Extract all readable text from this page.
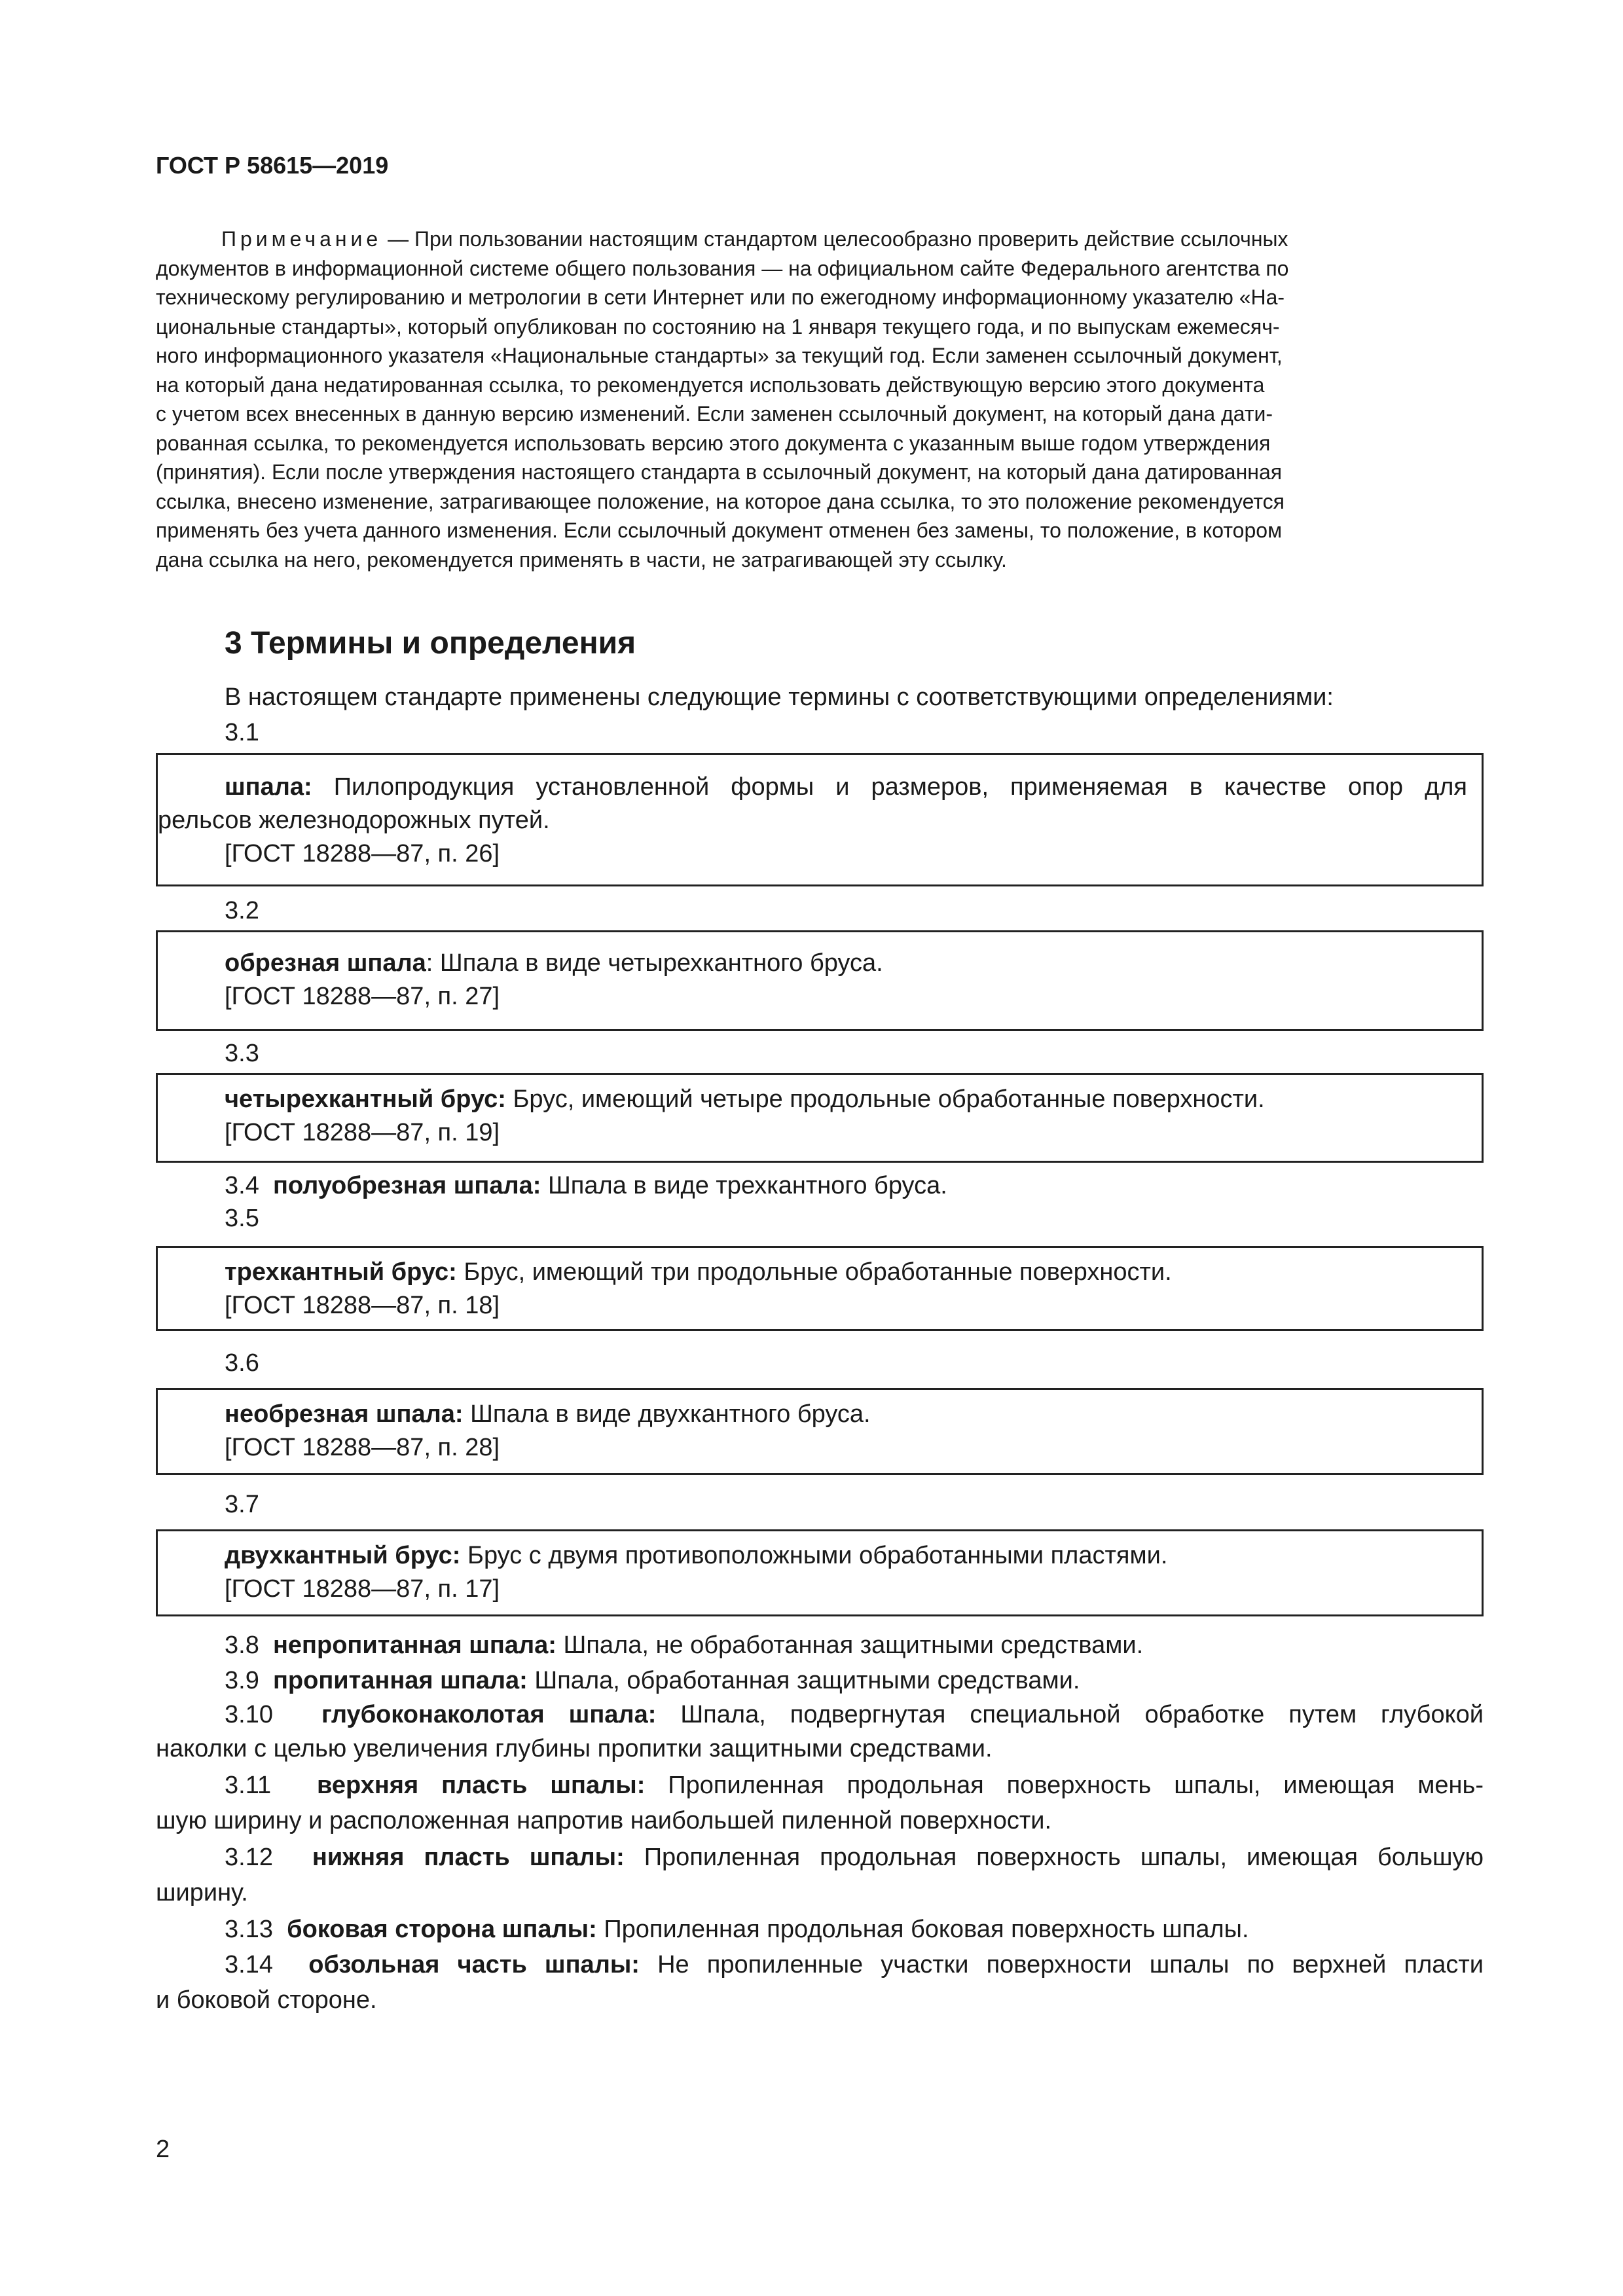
ГОСТ Р 58615—2019
Примечание — При пользовании настоящим стандартом целесообразно проверить действие ссылочных
документов в информационной системе общего пользования — на официальном сайте Федерального агентства по
техническому регулированию и метрологии в сети Интернет или по ежегодному информационному указателю «На-
циональные стандарты», который опубликован по состоянию на 1 января текущего года, и по выпускам ежемесяч-
ного информационного указателя «Национальные стандарты» за текущий год. Если заменен ссылочный документ,
на который дана недатированная ссылка, то рекомендуется использовать действующую версию этого документа
с учетом всех внесенных в данную версию изменений. Если заменен ссылочный документ, на который дана дати-
рованная ссылка, то рекомендуется использовать версию этого документа с указанным выше годом утверждения
(принятия). Если после утверждения настоящего стандарта в ссылочный документ, на который дана датированная
ссылка, внесено изменение, затрагивающее положение, на которое дана ссылка, то это положение рекомендуется
применять без учета данного изменения. Если ссылочный документ отменен без замены, то положение, в котором
дана ссылка на него, рекомендуется применять в части, не затрагивающей эту ссылку.
3 Термины и определения
В настоящем стандарте применены следующие термины с соответствующими определениями:
3.1
шпала: Пилопродукция установленной формы и размеров, применяемая в качестве опор для
рельсов железнодорожных путей.
[ГОСТ 18288—87, п. 26]
3.2
обрезная шпала: Шпала в виде четырехкантного бруса.
[ГОСТ 18288—87, п. 27]
3.3
четырехкантный брус: Брус, имеющий четыре продольные обработанные поверхности.
[ГОСТ 18288—87, п. 19]
3.4 полуобрезная шпала: Шпала в виде трехкантного бруса.
3.5
трехкантный брус: Брус, имеющий три продольные обработанные поверхности.
[ГОСТ 18288—87, п. 18]
3.6
необрезная шпала: Шпала в виде двухкантного бруса.
[ГОСТ 18288—87, п. 28]
3.7
двухкантный брус: Брус с двумя противоположными обработанными пластями.
[ГОСТ 18288—87, п. 17]
3.8 непропитанная шпала: Шпала, не обработанная защитными средствами.
3.9 пропитанная шпала: Шпала, обработанная защитными средствами.
3.10 глубоконаколотая шпала: Шпала, подвергнутая специальной обработке путем глубокой
наколки с целью увеличения глубины пропитки защитными средствами.
3.11 верхняя пласть шпалы: Пропиленная продольная поверхность шпалы, имеющая мень-
шую ширину и расположенная напротив наибольшей пиленной поверхности.
3.12 нижняя пласть шпалы: Пропиленная продольная поверхность шпалы, имеющая большую
ширину.
3.13 боковая сторона шпалы: Пропиленная продольная боковая поверхность шпалы.
3.14 обзольная часть шпалы: Не пропиленные участки поверхности шпалы по верхней пласти
и боковой стороне.
2
